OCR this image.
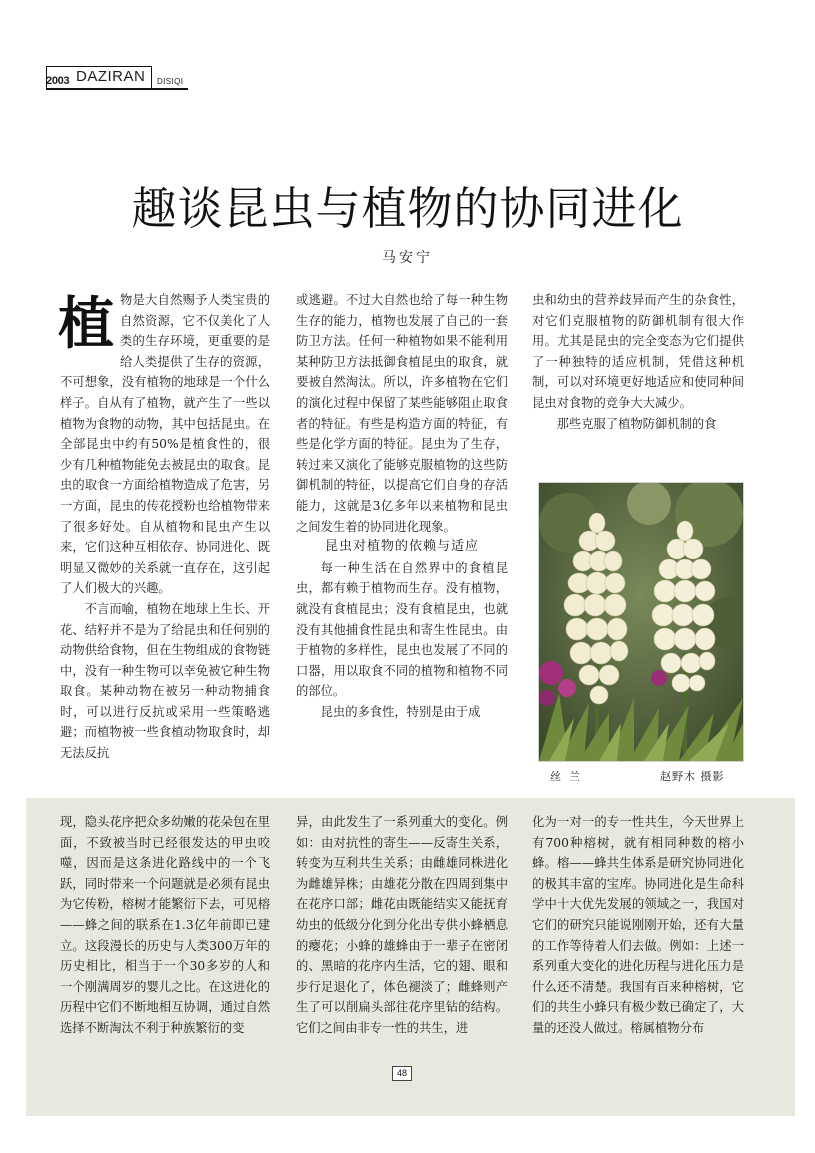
2003 DAZIRAN DISIQI
趣谈昆虫与植物的协同进化
马安宁

植物是大自然赐予人类宝贵的自然资源，它不仅美化了人类的生存环境，更重要的是给人类提供了生存的资源，不可想象，没有植物的地球是一个什么样子。自从有了植物，就产生了一些以植物为食物的动物，其中包括昆虫。在全部昆虫中约有50%是植食性的，很少有几种植物能免去被昆虫的取食。昆虫的取食一方面给植物造成了危害，另一方面，昆虫的传花授粉也给植物带来了很多好处。自从植物和昆虫产生以来，它们这种互相依存、协同进化、既明显又微妙的关系就一直存在，这引起了人们极大的兴趣。

不言而喻，植物在地球上生长、开花、结籽并不是为了给昆虫和任何别的动物供给食物，但在生物组成的食物链中，没有一种生物可以幸免被它种生物取食。某种动物在被另一种动物捕食时，可以进行反抗或采用一些策略逃避；而植物被一些食植动物取食时，却无法反抗

或逃避。不过大自然也给了每一种生物生存的能力，植物也发展了自己的一套防卫方法。任何一种植物如果不能利用某种防卫方法抵御食植昆虫的取食，就要被自然淘汰。所以，许多植物在它们的演化过程中保留了某些能够阻止取食者的特征。有些是构造方面的特征，有些是化学方面的特征。昆虫为了生存，转过来又演化了能够克服植物的这些防御机制的特征，以提高它们自身的存活能力，这就是3亿多年以来植物和昆虫之间发生着的协同进化现象。

昆虫对植物的依赖与适应

每一种生活在自然界中的食植昆虫，都有赖于植物而生存。没有植物，就没有食植昆虫；没有食植昆虫，也就没有其他捕食性昆虫和寄生性昆虫。由于植物的多样性，昆虫也发展了不同的口器，用以取食不同的植物和植物不同的部位。

昆虫的多食性，特别是由于成

虫和幼虫的营养歧异而产生的杂食性，对它们克服植物的防御机制有很大作用。尤其是昆虫的完全变态为它们提供了一种独特的适应机制，凭借这种机制，可以对环境更好地适应和使同种间昆虫对食物的竞争大大减少。

那些克服了植物防御机制的食

丝兰	赵野木 摄影

现，隐头花序把众多幼嫩的花朵包在里面，不致被当时已经很发达的甲虫咬噬，因而是这条进化路线中的一个飞跃，同时带来一个问题就是必须有昆虫为它传粉，榕树才能繁衍下去，可见榕——蜂之间的联系在1.3亿年前即已建立。这段漫长的历史与人类300万年的历史相比，相当于一个30多岁的人和一个刚满周岁的婴儿之比。在这进化的历程中它们不断地相互协调，通过自然选择不断淘汰不利于种族繁衍的变

异，由此发生了一系列重大的变化。例如：由对抗性的寄生——反寄生关系，转变为互利共生关系；由雌雄同株进化为雌雄异株；由雄花分散在四周到集中在花序口部；雌花由既能结实又能抚育幼虫的低级分化到分化出专供小蜂栖息的瘿花；小蜂的雄蜂由于一辈子在密闭的、黑暗的花序内生活，它的翅、眼和步行足退化了，体色褪淡了；雌蜂则产生了可以削扁头部往花序里钻的结构。它们之间由非专一性的共生，进

化为一对一的专一性共生，今天世界上有700种榕树，就有相同种数的榕小蜂。榕——蜂共生体系是研究协同进化的极其丰富的宝库。协同进化是生命科学中十大优先发展的领域之一，我国对它们的研究只能说刚刚开始，还有大量的工作等待着人们去做。例如：上述一系列重大变化的进化历程与进化压力是什么还不清楚。我国有百来种榕树，它们的共生小蜂只有极少数已确定了，大量的还没人做过。榕属植物分布

48
